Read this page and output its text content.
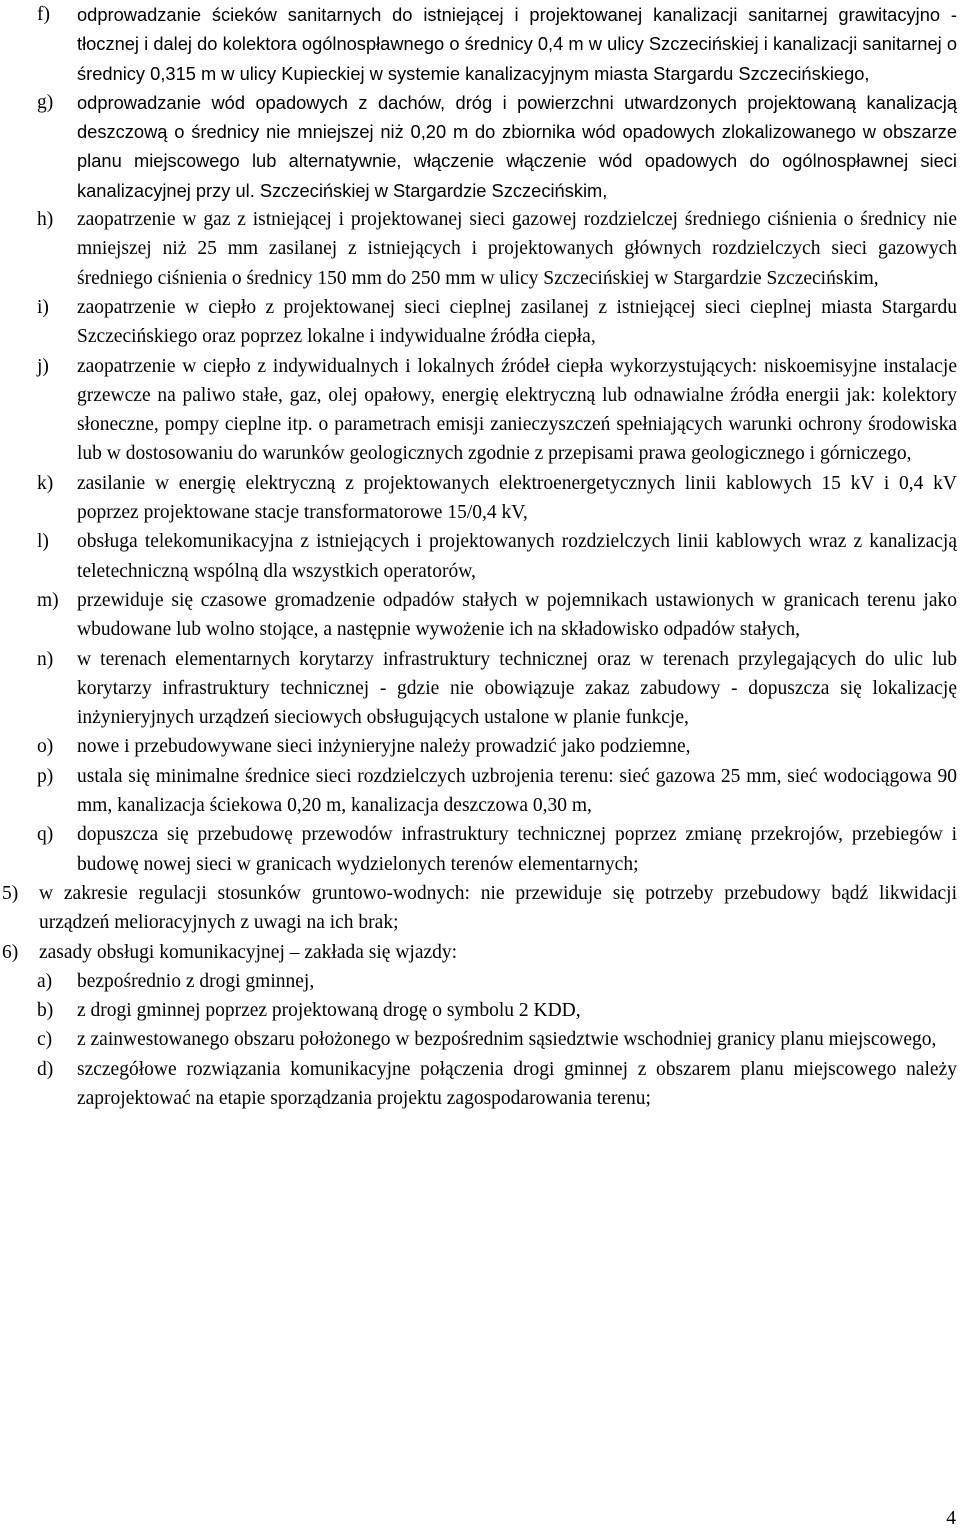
f)	odprowadzanie ścieków sanitarnych do istniejącej i projektowanej kanalizacji sanitarnej grawitacyjno - tłocznej i dalej do kolektora ogólnospławnego o średnicy 0,4 m w ulicy Szczecińskiej i kanalizacji sanitarnej o średnicy 0,315 m w ulicy Kupieckiej w systemie kanalizacyjnym miasta Stargardu Szczecińskiego,
g)	odprowadzanie wód opadowych z dachów, dróg i powierzchni utwardzonych projektowaną kanalizacją deszczową o średnicy nie mniejszej niż 0,20 m do zbiornika wód opadowych zlokalizowanego w obszarze planu miejscowego lub alternatywnie, włączenie włączenie wód opadowych do ogólnospławnej sieci kanalizacyjnej przy ul. Szczecińskiej w Stargardzie Szczecińskim,
h)	zaopatrzenie w gaz z istniejącej i projektowanej sieci gazowej rozdzielczej średniego ciśnienia o średnicy nie mniejszej niż 25 mm zasilanej z istniejących i projektowanych głównych rozdzielczych sieci gazowych średniego ciśnienia o średnicy 150 mm do 250 mm w ulicy Szczecińskiej w Stargardzie Szczecińskim,
i)	zaopatrzenie w ciepło z projektowanej sieci cieplnej zasilanej z istniejącej sieci cieplnej miasta Stargardu Szczecińskiego oraz poprzez lokalne i indywidualne źródła ciepła,
j)	zaopatrzenie w ciepło z indywidualnych i lokalnych źródeł ciepła wykorzystujących: niskoemisyjne instalacje grzewcze na paliwo stałe, gaz, olej opałowy, energię elektryczną lub odnawialne źródła energii jak: kolektory słoneczne, pompy cieplne itp. o parametrach emisji zanieczyszczeń spełniających warunki ochrony środowiska lub w dostosowaniu do warunków geologicznych zgodnie z przepisami prawa geologicznego i górniczego,
k)	zasilanie w energię elektryczną z projektowanych elektroenergetycznych linii kablowych 15 kV i 0,4 kV poprzez projektowane stacje transformatorowe 15/0,4 kV,
l)	obsługa telekomunikacyjna z istniejących i projektowanych rozdzielczych linii kablowych wraz z kanalizacją teletechniczną wspólną dla wszystkich operatorów,
m) przewiduje się czasowe gromadzenie odpadów stałych w pojemnikach ustawionych w granicach terenu jako wbudowane lub wolno stojące, a następnie wywożenie ich na składowisko odpadów stałych,
n)	w terenach elementarnych korytarzy infrastruktury technicznej oraz w terenach przylegających do ulic lub korytarzy infrastruktury technicznej - gdzie nie obowiązuje zakaz zabudowy - dopuszcza się lokalizację inżynieryjnych urządzeń sieciowych obsługujących ustalone w planie funkcje,
o)	nowe i przebudowywane sieci inżynieryjne należy prowadzić jako podziemne,
p)	ustala się minimalne średnice sieci rozdzielczych uzbrojenia terenu: sieć gazowa 25 mm, sieć wodociągowa 90 mm, kanalizacja ściekowa 0,20 m, kanalizacja deszczowa 0,30 m,
q)	dopuszcza się przebudowę przewodów infrastruktury technicznej poprzez zmianę przekrojów, przebiegów i budowę nowej sieci w granicach wydzielonych terenów elementarnych;
5)	w zakresie regulacji stosunków gruntowo-wodnych: nie przewiduje się potrzeby przebudowy bądź likwidacji urządzeń melioracyjnych z uwagi na ich brak;
6)	zasady obsługi komunikacyjnej – zakłada się wjazdy:
a)	bezpośrednio z drogi gminnej,
b)	z drogi gminnej poprzez projektowaną drogę o symbolu 2 KDD,
c)	z zainwestowanego obszaru położonego w bezpośrednim sąsiedztwie wschodniej granicy planu miejscowego,
d)	szczegółowe rozwiązania komunikacyjne połączenia drogi gminnej z obszarem planu miejscowego należy zaprojektować na etapie sporządzania projektu zagospodarowania terenu;
4
